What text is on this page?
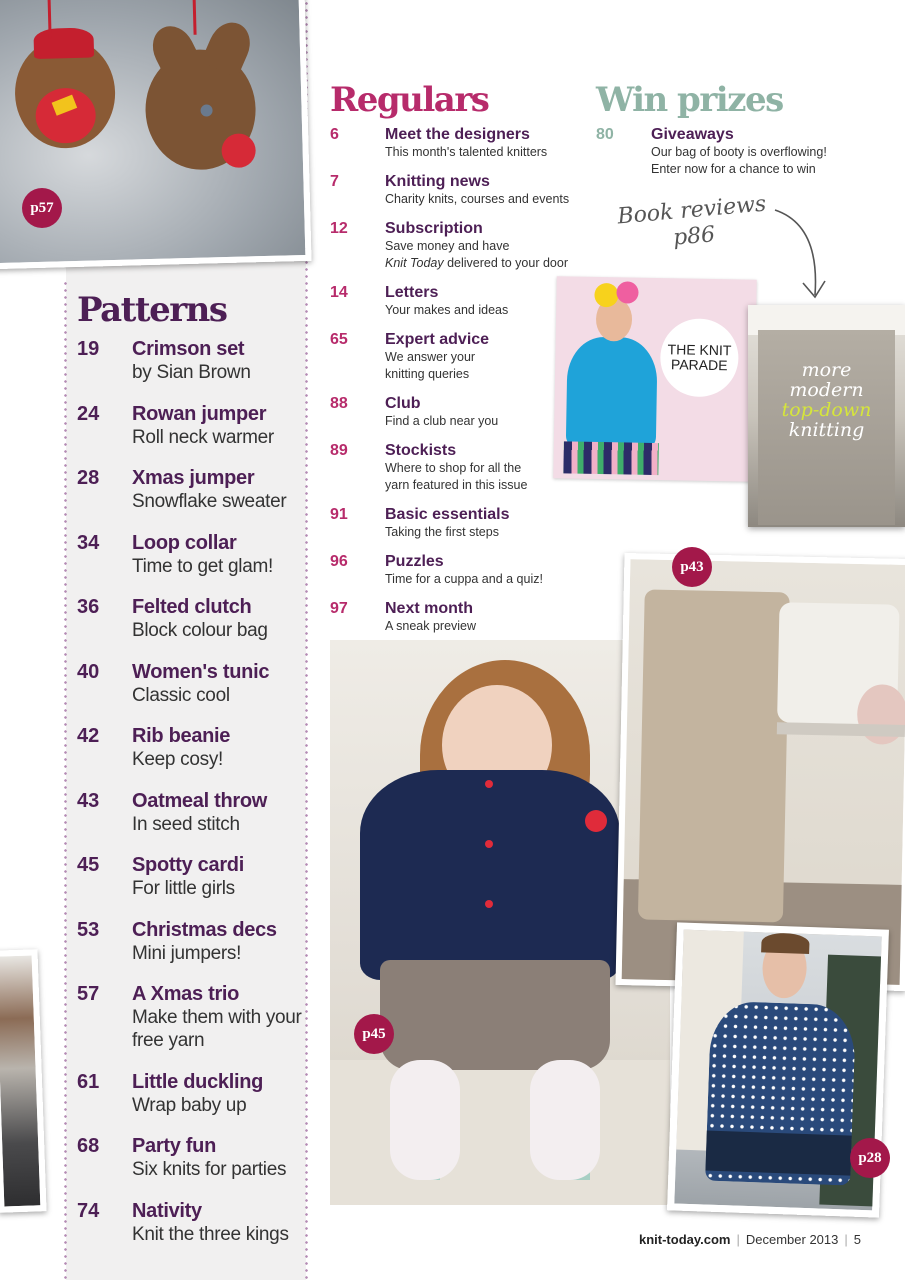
p57
Patterns
Regulars	Win prizes
19	Crimson set
by Sian Brown
24	Rowan jumper
Roll neck warmer
28	Xmas jumper
Snowflake sweater
34	Loop collar
Time to get glam!
36	Felted clutch
Block colour bag
40	Women's tunic
Classic cool
42	Rib beanie
Keep cosy!
43	Oatmeal throw
In seed stitch
45	Spotty cardi
For little girls
53	Christmas decs
Mini jumpers!
57	A Xmas trio
Make them with your free yarn
61	Little duckling
Wrap baby up
68	Party fun
Six knits for parties
74	Nativity
Knit the three kings
6	Meet the designers
This month's talented knitters
7	Knitting news
Charity knits, courses and events
12	Subscription
Save money and have
Knit Today delivered to your door
14	Letters
Your makes and ideas
65	Expert advice
We answer your knitting queries
88	Club
Find a club near you
89	Stockists
Where to shop for all the yarn featured in this issue
91	Basic essentials
Taking the first steps
96	Puzzles
Time for a cuppa and a quiz!
97	Next month
A sneak preview
80	Giveaways
Our bag of booty is overflowing! Enter now for a chance to win
Book reviews
p86
THE KNIT
PARADE	more
modern
top-down
knitting
p45
p43
p28
knit-today.com | December 2013 | 5
